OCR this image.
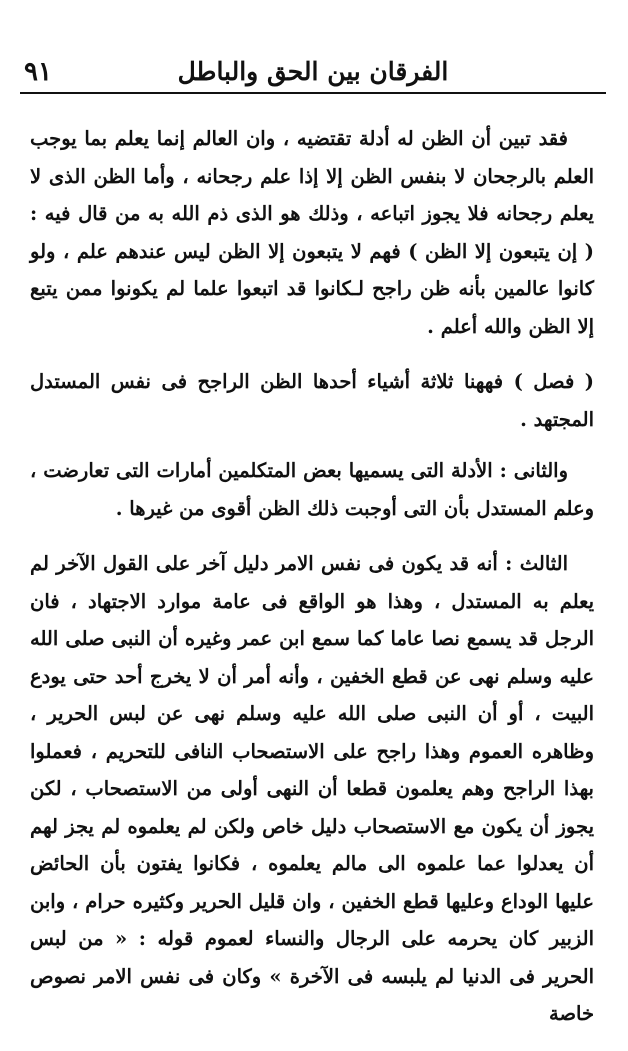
الفرقان بين الحق والباطل
٩١

فقد تبين أن الظن له أدلة تقتضيه ، وان العالم إنما يعلم بما يوجب العلم بالرجحان لا بنفس الظن إلا إذا علم رجحانه ، وأما الظن الذى لا يعلم رجحانه فلا يجوز اتباعه ، وذلك هو الذى ذم الله به من قال فيه : ( إن يتبعون إلا الظن ) فهم لا يتبعون إلا الظن ليس عندهم علم ، ولو كانوا عالمين بأنه ظن راجح لـكانوا قد اتبعوا علما لم يكونوا ممن يتبع إلا الظن والله أعلم .

( فصل ) فههنا ثلاثة أشياء أحدها الظن الراجح فى نفس المستدل المجتهد .

والثانى : الأدلة التى يسميها بعض المتكلمين أمارات التى تعارضت ، وعلم المستدل بأن التى أوجبت ذلك الظن أقوى من غيرها .

الثالث : أنه قد يكون فى نفس الامر دليل آخر على القول الآخر لم يعلم به المستدل ، وهذا هو الواقع فى عامة موارد الاجتهاد ، فان الرجل قد يسمع نصا عاما كما سمع ابن عمر وغيره أن النبى صلى الله عليه وسلم نهى عن قطع الخفين ، وأنه أمر أن لا يخرج أحد حتى يودع البيت ، أو أن النبى صلى الله عليه وسلم نهى عن لبس الحرير ، وظاهره العموم وهذا راجح على الاستصحاب النافى للتحريم ، فعملوا بهذا الراجح وهم يعلمون قطعا أن النهى أولى من الاستصحاب ، لكن يجوز أن يكون مع الاستصحاب دليل خاص ولكن لم يعلموه لم يجز لهم أن يعدلوا عما علموه الى مالم يعلموه ، فكانوا يفتون بأن الحائض عليها الوداع وعليها قطع الخفين ، وان قليل الحرير وكثيره حرام ، وابن الزبير كان يحرمه على الرجال والنساء لعموم قوله : « من لبس الحرير فى الدنيا لم يلبسه فى الآخرة » وكان فى نفس الامر نصوص خاصة
